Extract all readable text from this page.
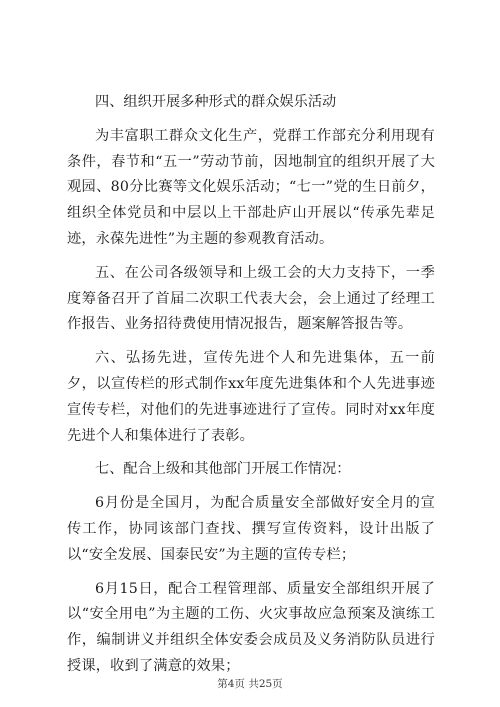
四、组织开展多种形式的群众娱乐活动

为丰富职工群众文化生产，党群工作部充分利用现有条件，春节和“五一”劳动节前，因地制宜的组织开展了大观园、80分比赛等文化娱乐活动；“七一”党的生日前夕，组织全体党员和中层以上干部赴庐山开展以“传承先辈足迹，永葆先进性”为主题的参观教育活动。

五、在公司各级领导和上级工会的大力支持下，一季度筹备召开了首届二次职工代表大会，会上通过了经理工作报告、业务招待费使用情况报告，题案解答报告等。

六、弘扬先进，宣传先进个人和先进集体，五一前夕，以宣传栏的形式制作xx年度先进集体和个人先进事迹宣传专栏，对他们的先进事迹进行了宣传。同时对xx年度先进个人和集体进行了表彰。

七、配合上级和其他部门开展工作情况：

6月份是全国月，为配合质量安全部做好安全月的宣传工作，协同该部门查找、撰写宣传资料，设计出版了以“安全发展、国泰民安”为主题的宣传专栏；

6月15日，配合工程管理部、质量安全部组织开展了以“安全用电”为主题的工伤、火灾事故应急预案及演练工作，编制讲义并组织全体安委会成员及义务消防队员进行授课，收到了满意的效果；

第4页 共25页
